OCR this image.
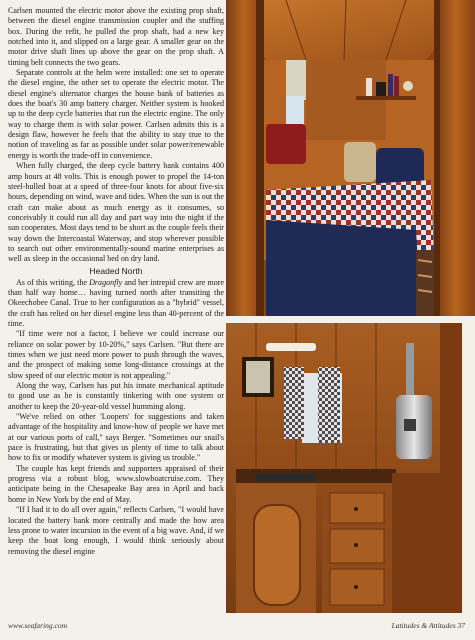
Carlsen mounted the electric motor above the existing prop shaft, between the diesel engine transmission coupler and the stuffing box. During the refit, he pulled the prop shaft, had a new key notched into it, and slipped on a large gear. A smaller gear on the motor drive shaft lines up above the gear on the prop shaft. A timing belt connects the two gears.

Separate controls at the helm were installed: one set to operate the diesel engine, the other set to operate the electric motor. The diesel engine's alternator charges the house bank of batteries as does the boat's 30 amp battery charger. Neither system is hooked up to the deep cycle batteries that run the electric engine. The only way to charge them is with solar power. Carlsen admits this is a design flaw, however he feels that the ability to stay true to the notion of traveling as far as possible under solar power/renewable energy is worth the trade-off in convenience.

When fully charged, the deep cycle battery bank contains 400 amp hours at 48 volts. This is enough power to propel the 14-ton steel-hulled boat at a speed of three-four knots for about five-six hours, depending on wind, wave and tides. When the sun is out the craft can make about as much energy as it consumes, so conceivably it could run all day and part way into the night if the sun cooperates. Most days tend to be short as the couple feels their way down the Intercoastal Waterway, and stop wherever possible to search out other environmentally-sound marine enterprises as well as sleep in the occasional bed on dry land.

Headed North

As of this writing, the Dragonfly and her intrepid crew are more than half way home… having turned north after transiting the Okeechobee Canal. True to her configuration as a "hybrid" vessel, the craft has relied on her diesel engine less than 40-percent of the time.

"If time were not a factor, I believe we could increase our reliance on solar power by 10-20%," says Carlsen. "But there are times when we just need more power to push through the waves, and the prospect of making some long-distance crossings at the slow speed of our electric motor is not appealing."

Along the way, Carlsen has put his innate mechanical aptitude to good use as he is constantly tinkering with one system or another to keep the 20-year-old vessel humming along.

"We've relied on other 'Loopers' for suggestions and taken advantage of the hospitality and know-how of people we have met at our various ports of call," says Berger. "Sometimes our snail's pace is frustrating, but that gives us plenty of time to talk about how to fix or modify whatever system is giving us trouble."

The couple has kept friends and supporters appraised of their progress via a robust blog, www.slowboatcruise.com. They anticipate being in the Chesapeake Bay area in April and back home in New York by the end of May.

"If I had it to do all over again," reflects Carlsen, "I would have located the battery bank more centrally and made the bow area less prone to water incursion in the event of a big wave. And, if we keep the boat long enough, I would think seriously about removing the diesel engine

www.seafaring.com	Latitudes & Attitudes 37
